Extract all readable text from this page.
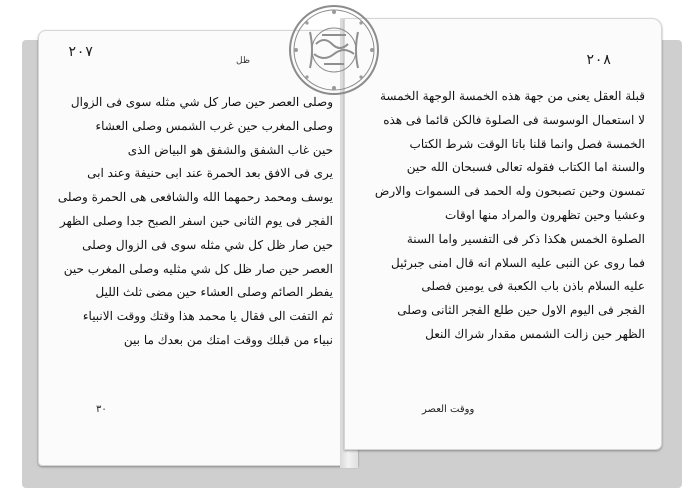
وصلى العصر حين صار كل شي مثله سوى فى الزوال

وصلى المغرب حين غرب الشمس وصلى العشاء

حين غاب الشفق والشفق هو البياض الذى

يرى فى الافق بعد الحمرة عند ابى حنيفة وعند ابى

يوسف ومحمد رحمهما الله والشافعى هى الحمرة وصلى

الفجر فى يوم الثانى حين اسفر الصبح جدا وصلى الظهر

حين صار ظل كل شي مثله سوى فى الزوال وصلى

العصر حين صار ظل كل شي مثليه وصلى المغرب حين

يفطر الصائم وصلى العشاء حين مضى ثلث الليل

ثم التفت الى فقال يا محمد هذا وقتك ووقت الانبياء

نبياء من قبلك ووقت امتك من بعدك ما بين

قبلة العقل يعنى من جهة هذه الخمسة الوجهة الخمسة

لا استعمال الوسوسة فى الصلوة فالكن قائما فى هذه

الخمسة فصل وانما قلنا باتا الوقت شرط الكتاب

والسنة اما الكتاب فقوله تعالى فسبحان الله حين

تمسون وحين تصبحون وله الحمد فى السموات والارض

وعشيا وحين تظهرون والمراد منها اوقات

الصلوة الخمس هكذا ذكر فى التفسير واما السنة

فما روى عن النبى عليه السلام انه قال امنى جبرئيل

عليه السلام باذن باب الكعبة فى يومين فصلى

الفجر فى اليوم الاول حين طلع الفجر الثانى وصلى

الظهر حين زالت الشمس مقدار شراك النعل

۲۰۷	۲۰۸
ظل
٣٠	ووقت العصر
